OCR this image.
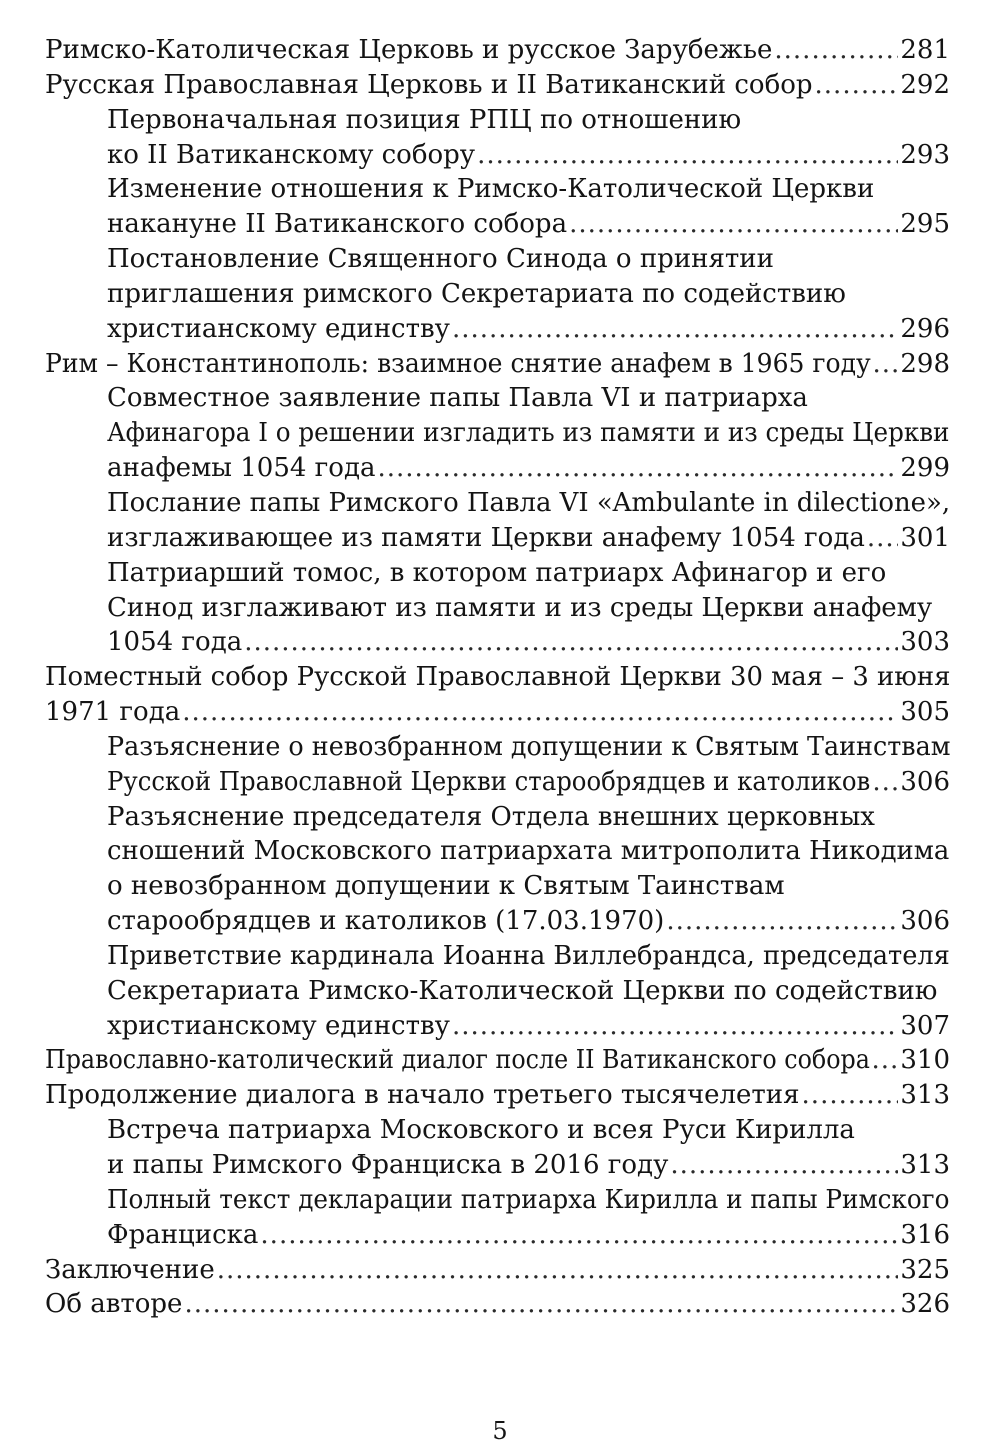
Римско-Католическая Церковь и русское Зарубежье .....	281
Русская Православная Церковь и II Ватиканский собор .....	292
Первоначальная позиция РПЦ по отношению
ко II Ватиканскому собору .....	293
Изменение отношения к Римско-Католической Церкви
накануне II Ватиканского собора .....	295
Постановление Священного Синода о принятии
приглашения римского Секретариата по содействию
христианскому единству .....	296
Рим – Константинополь: взаимное снятие анафем в 1965 году ..... 298
Совместное заявление папы Павла VI и патриарха
Афинагора I о решении изгладить из памяти и из среды Церкви
анафемы 1054 года .....	299
Послание папы Римского Павла VI «Ambulante in dilectione»,
изглаживающее из памяти Церкви анафему 1054 года ..... 301
Патриарший томос, в котором патриарх Афинагор и его
Синод изглаживают из памяти и из среды Церкви анафему
1054 года .....	303
Поместный собор Русской Православной Церкви 30 мая – 3 июня
1971 года .....	305
Разъяснение о невозбранном допущении к Святым Таинствам
Русской Православной Церкви старообрядцев и католиков ..... 306
Разъяснение председателя Отдела внешних церковных
сношений Московского патриархата митрополита Никодима
о невозбранном допущении к Святым Таинствам
старообрядцев и католиков (17.03.1970) .....	306
Приветствие кардинала Иоанна Виллебрандса, председателя
Секретариата Римско-Католической Церкви по содействию
христианскому единству .....	307
Православно-католический диалог после II Ватиканского собора ..... 310
Продолжение диалога в начало третьего тысячелетия .....	313
Встреча патриарха Московского и всея Руси Кирилла
и папы Римского Франциска в 2016 году .....	313
Полный текст декларации патриарха Кирилла и папы Римского
Франциска .....	316
Заключение .....	325
Об авторе .....	326
5
